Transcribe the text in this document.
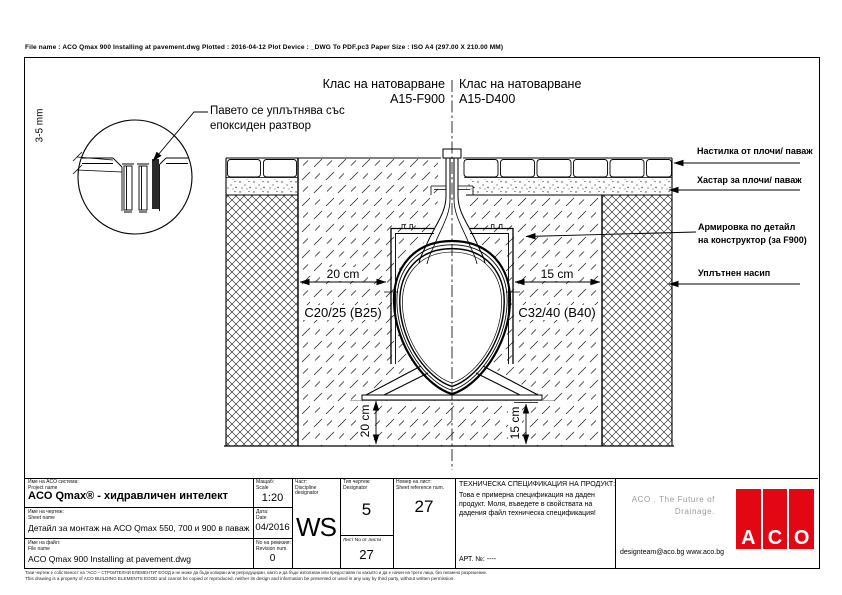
File name : ACO Qmax 900 Installing at pavement.dwg Plotted : 2016-04-12 Plot Device : _DWG To PDF.pc3 Paper Size : ISO A4 (297.00 X 210.00 MM)
Клас на натоварване
A15-F900
Клас на натоварване
A15-D400
Павето се уплътнява със
епоксиден разтвор
3-5 mm
20 cm	15 cm
20 cm	15 cm
C20/25 (B25)	C32/40 (B40)
Настилка от плочи/ паваж
Хастар за плочи/ паваж
Армировка по детайл
на конструктор (за F900)
Уплътнен насип
Име на ACO система:
Project name
ACO Qmax® - хидравличен интелект
Име на чертеж:
Sheet name
Детайл за монтаж на ACO Qmax 550, 700 и 900 в паваж
Име на файл:
File name
ACO Qmax 900 Installing at pavement.dwg
Мащаб:
Scale
1:20
Дата:
Date
04/2016
No на ревизия:
Revision num.
0
Част:
Discipline designator
WS
Тип чертеж:
Designator
5
Лист No от листи
27
Номер на лист:
Sheet reference num.
27
ТЕХНИЧЕСКА СПЕЦИФИКАЦИЯ НА ПРОДУКТ:
Това е примерна спецификация на даден продукт. Моля, въведете в свойствата на дадения файл техническа спецификация!
АРТ. №: ----
ACO . The Future of
Drainage.
designteam@aco.bg www.aco.bg
A C O
Тази чертеж е собственост на "АСО – СТРОИТЕЛНИ ЕЛЕМЕНТИ" ЕООД и не може да бъде копиран или репродуциран, както и да бъде използван или предоставян по какъвто и да е начин на трети лица, без писмено разрешение.
This drawing is a property of ACO BUILDING ELEMENTS EOOD and cannot be copied or reproduced, neither its design and information be presented or used in any way by third party, without written permission.
